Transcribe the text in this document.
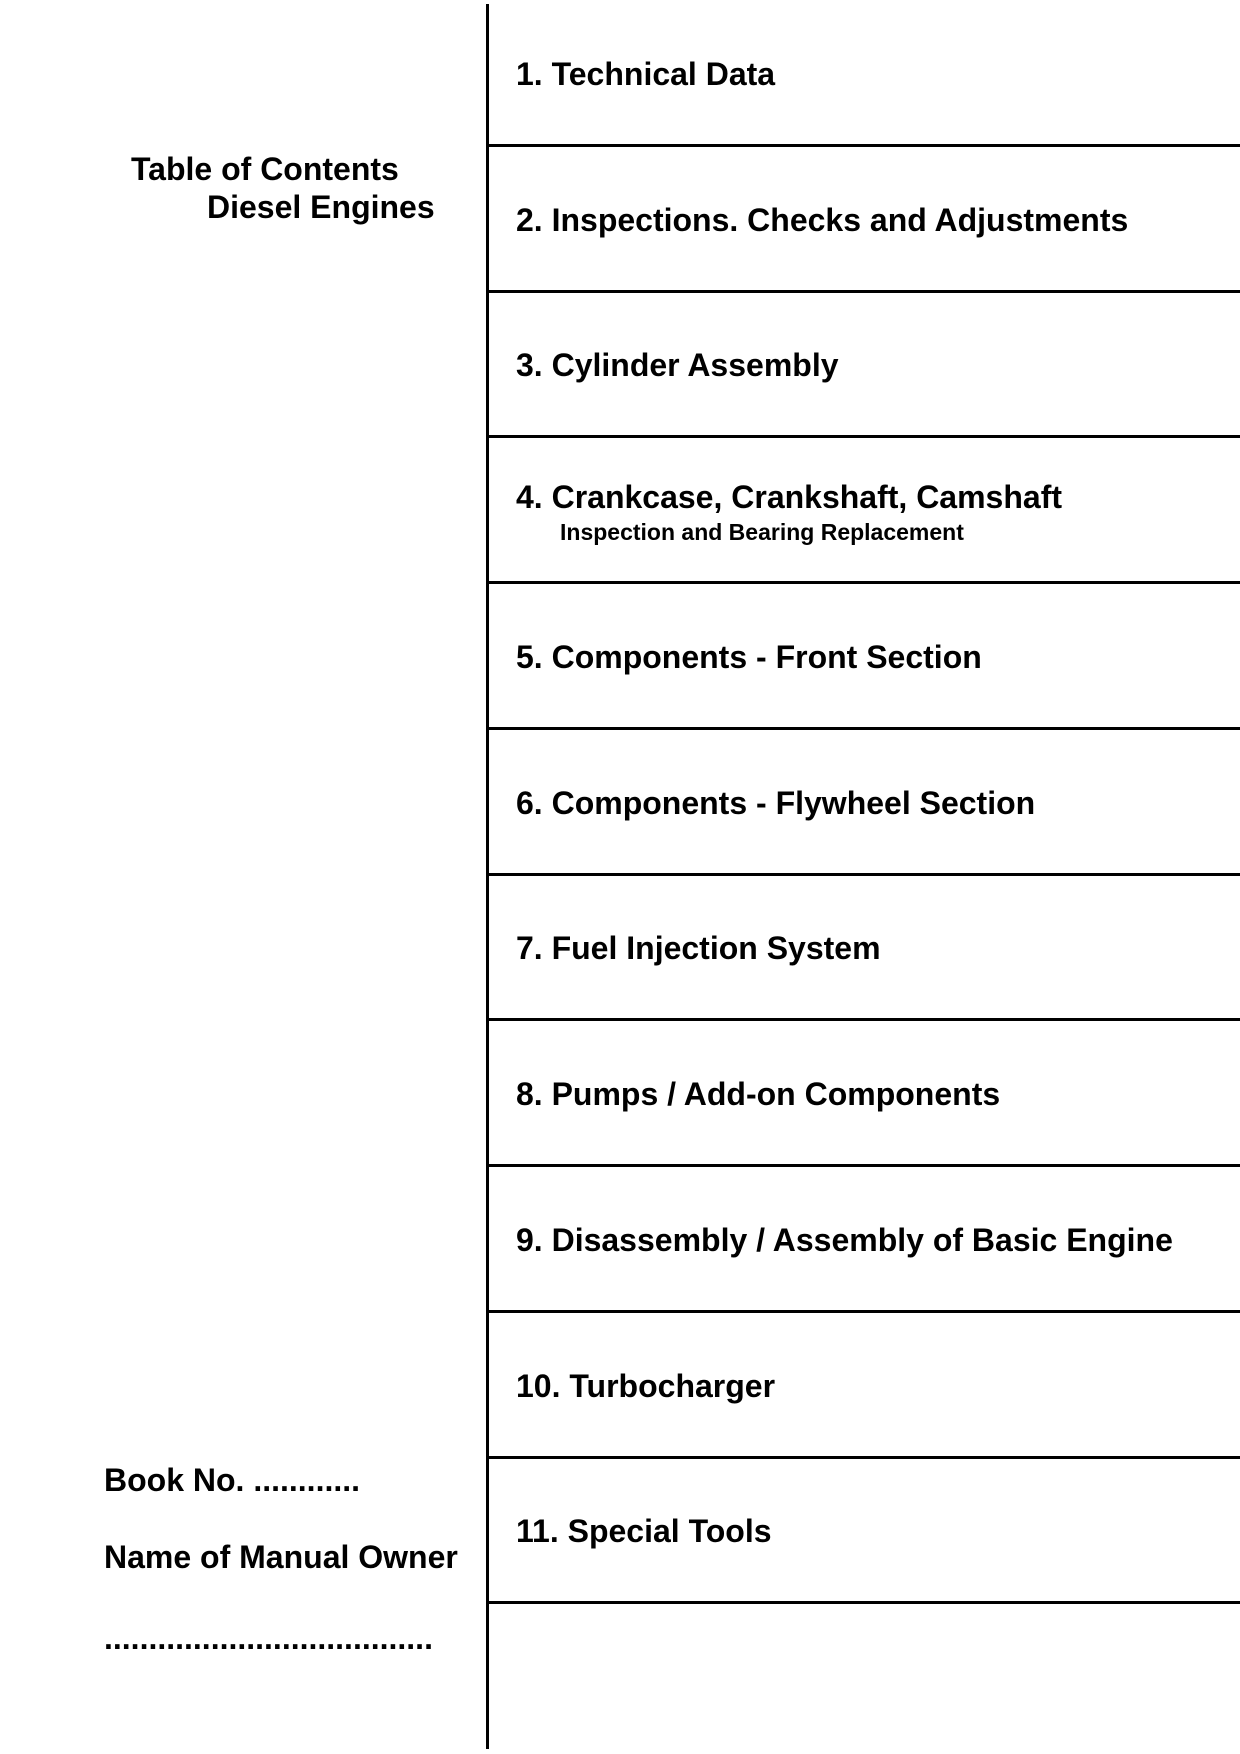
Table of Contents
Diesel Engines
1. Technical Data
2. Inspections. Checks and Adjustments
3. Cylinder Assembly
4. Crankcase, Crankshaft, Camshaft
Inspection and Bearing Replacement
5. Components - Front Section
6. Components - Flywheel Section
7. Fuel Injection System
8. Pumps / Add-on Components
9. Disassembly / Assembly of Basic Engine
10. Turbocharger
11. Special Tools
Book No. ............
Name of Manual Owner
.....................................
